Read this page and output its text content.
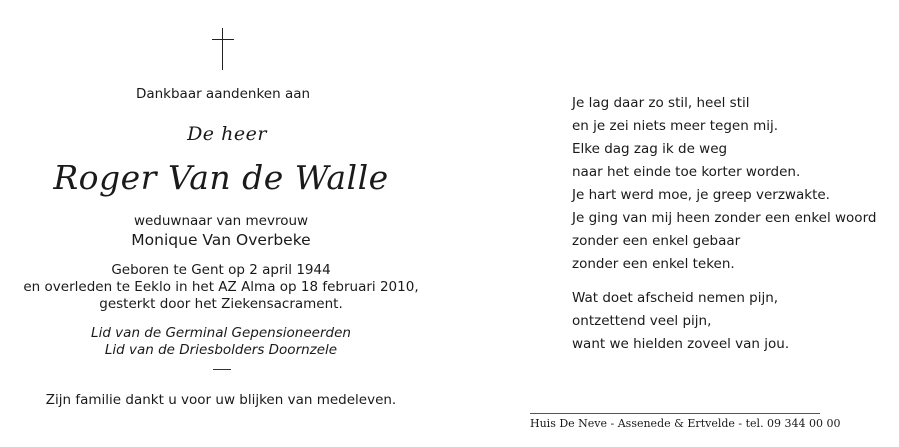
Dankbaar aandenken aan
De heer
Roger Van de Walle
weduwnaar van mevrouw
Monique Van Overbeke
Geboren te Gent op 2 april 1944
en overleden te Eeklo in het AZ Alma op 18 februari 2010,
gesterkt door het Ziekensacrament.
Lid van de Germinal Gepensioneerden
Lid van de Driesbolders Doornzele
Zijn familie dankt u voor uw blijken van medeleven.
Je lag daar zo stil, heel stil
en je zei niets meer tegen mij.
Elke dag zag ik de weg
naar het einde toe korter worden.
Je hart werd moe, je greep verzwakte.
Je ging van mij heen zonder een enkel woord
zonder een enkel gebaar
zonder een enkel teken.
Wat doet afscheid nemen pijn,
ontzettend veel pijn,
want we hielden zoveel van jou.
Huis De Neve - Assenede & Ertvelde - tel. 09 344 00 00
